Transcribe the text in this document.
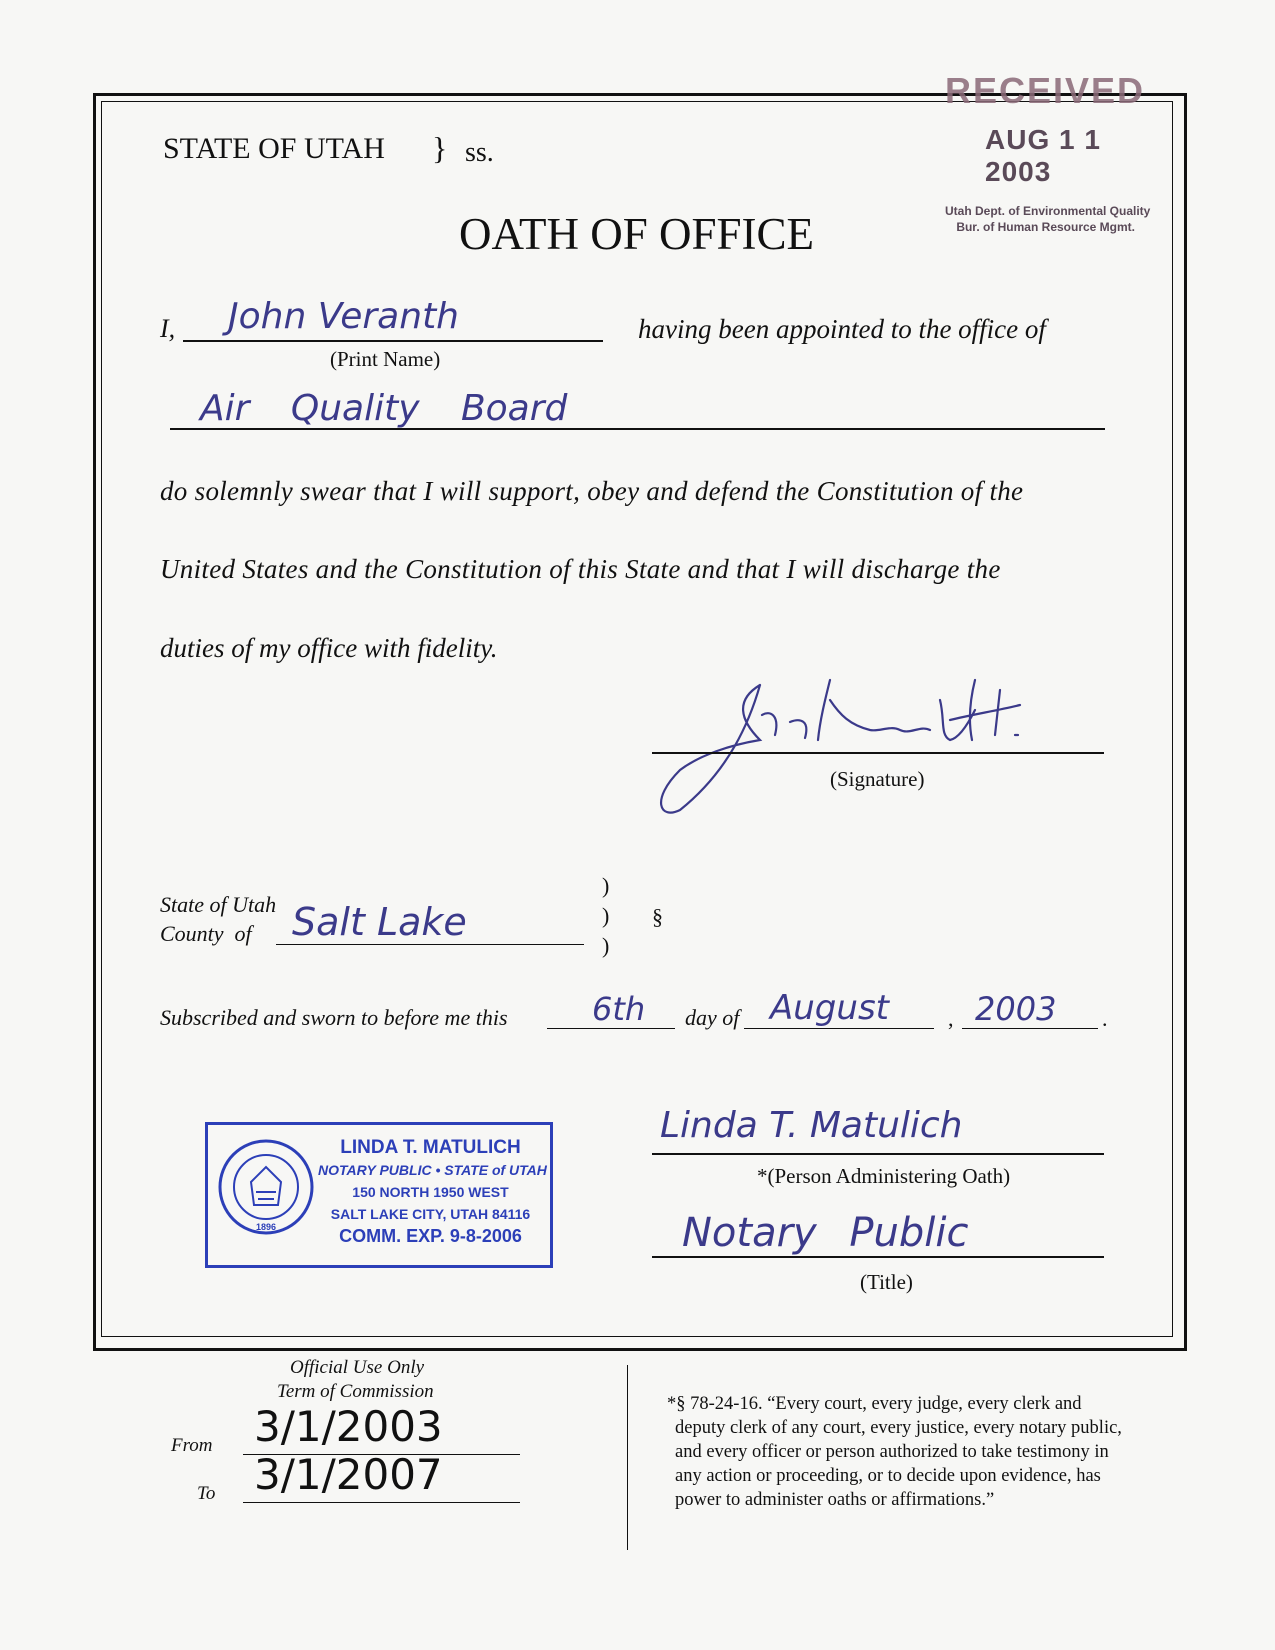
RECEIVED
AUG 1 1 2003
Utah Dept. of Environmental Quality
Bur. of Human Resource Mgmt.
STATE OF UTAH } ss.
OATH OF OFFICE
I, John Veranth
(Print Name)
having been appointed to the office of
Air Quality Board
do solemnly swear that I will support, obey and defend the Constitution of the
United States and the Constitution of this State and that I will discharge the
duties of my office with fidelity.
(Signature)
State of Utah
County  of Salt Lake
)
)
)
§
Subscribed and sworn to before me this	6th day of August	, 2003 .
1896
LINDA T. MATULICH
NOTARY PUBLIC • STATE of UTAH
150 NORTH 1950 WEST
SALT LAKE CITY, UTAH 84116
COMM. EXP. 9-8-2006
Linda T. Matulich
*(Person Administering Oath)
Notary Public
(Title)
Official Use Only
Term of Commission
From 3/1/2003
To 3/1/2007
*§ 78-24-16. “Every court, every judge, every clerk and
deputy clerk of any court, every justice, every notary public,
and every officer or person authorized to take testimony in
any action or proceeding, or to decide upon evidence, has
power to administer oaths or affirmations.”
